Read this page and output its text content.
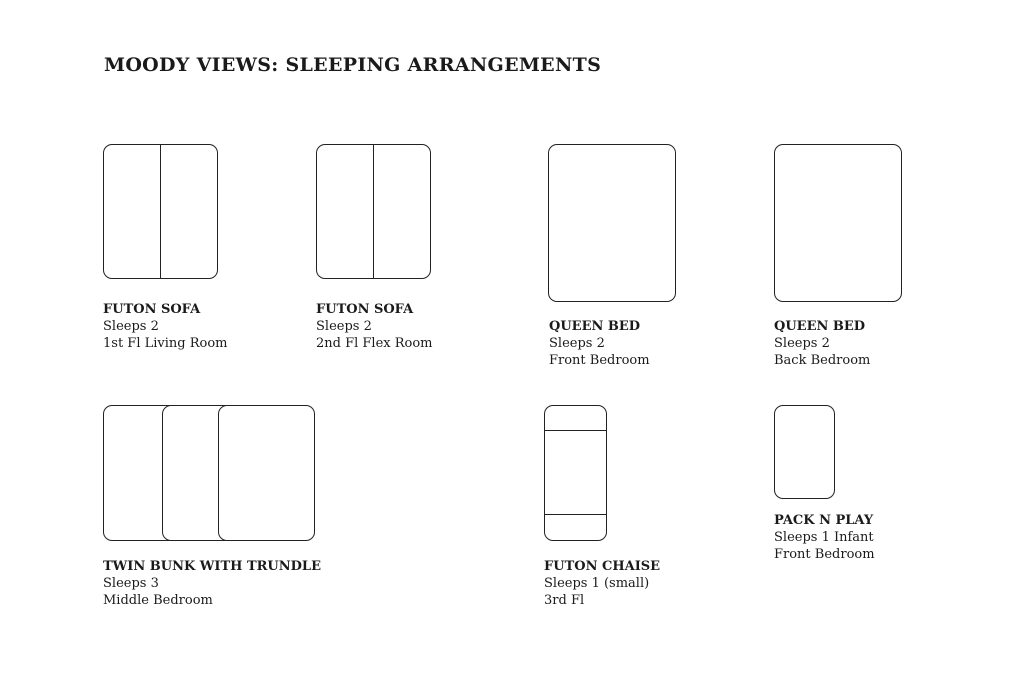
MOODY VIEWS: SLEEPING ARRANGEMENTS
FUTON SOFA
Sleeps 2
1st Fl Living Room
FUTON SOFA
Sleeps 2
2nd Fl Flex Room
QUEEN BED
Sleeps 2
Front Bedroom
QUEEN BED
Sleeps 2
Back Bedroom
TWIN BUNK WITH TRUNDLE
Sleeps 3
Middle Bedroom
FUTON CHAISE
Sleeps 1 (small)
3rd Fl
PACK N PLAY
Sleeps 1 Infant
Front Bedroom
